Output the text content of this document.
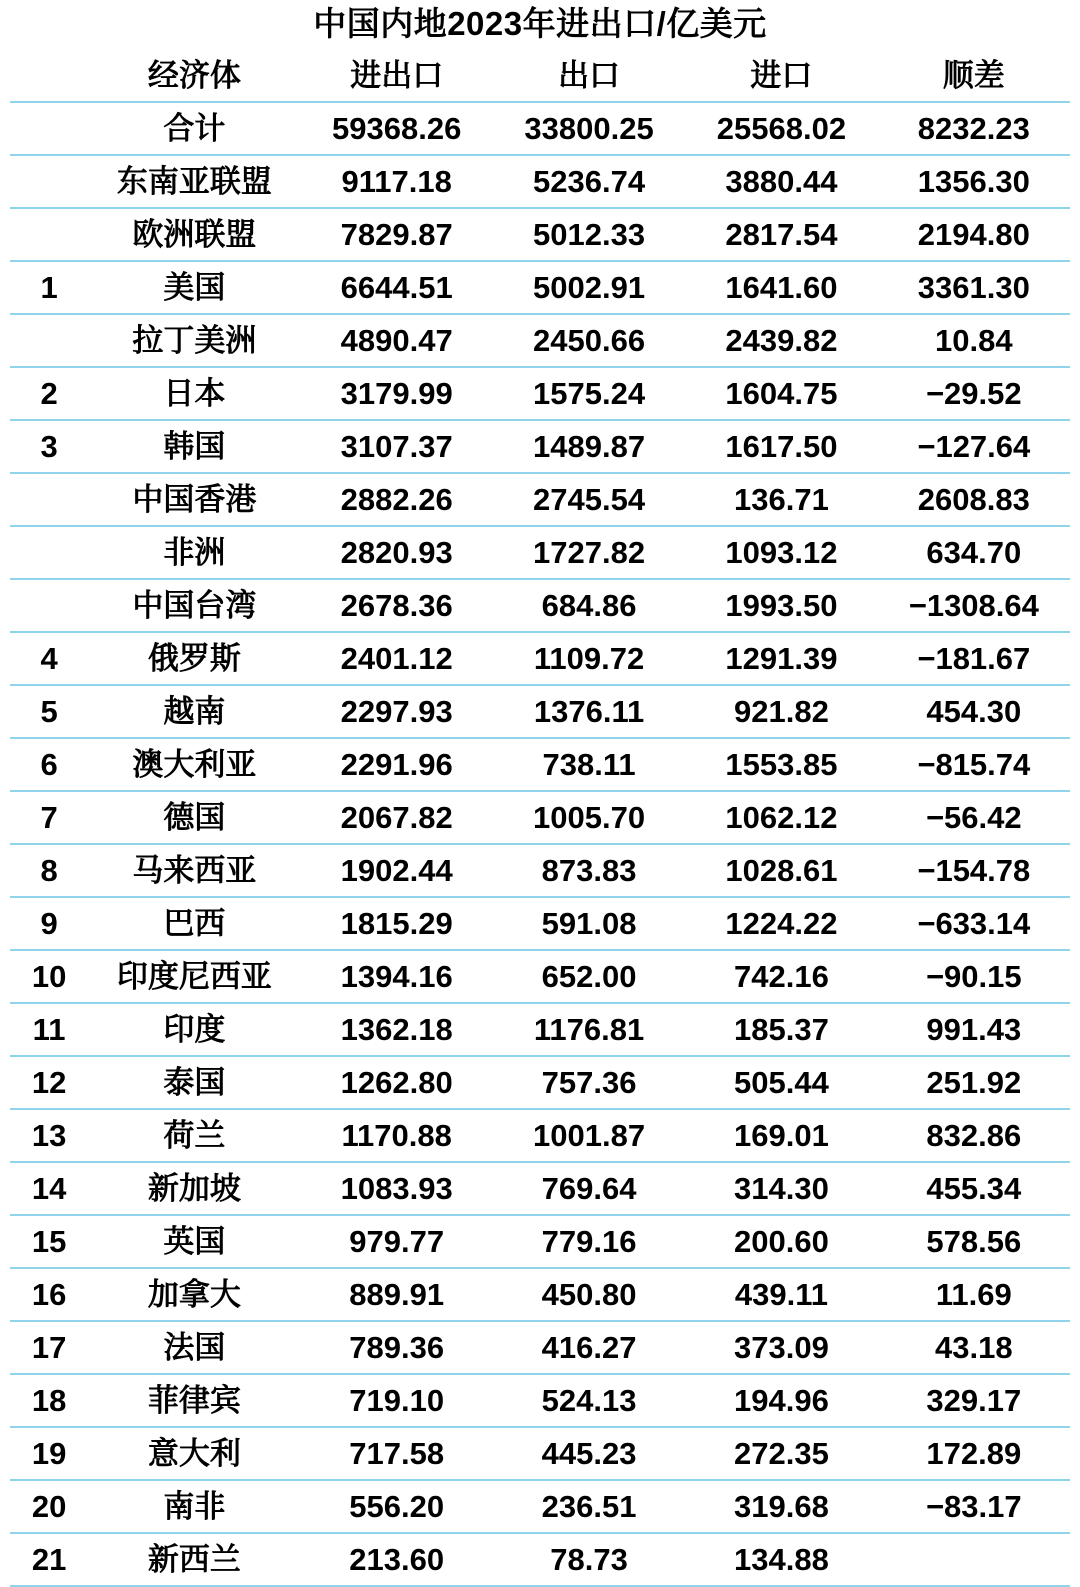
中国内地2023年进出口/亿美元
	经济体	进出口	出口	进口	顺差
	合计	59368.26	33800.25	25568.02	8232.23
	东南亚联盟	9117.18	5236.74	3880.44	1356.30
	欧洲联盟	7829.87	5012.33	2817.54	2194.80
1	美国	6644.51	5002.91	1641.60	3361.30
	拉丁美洲	4890.47	2450.66	2439.82	10.84
2	日本	3179.99	1575.24	1604.75	−29.52
3	韩国	3107.37	1489.87	1617.50	−127.64
	中国香港	2882.26	2745.54	136.71	2608.83
	非洲	2820.93	1727.82	1093.12	634.70
	中国台湾	2678.36	684.86	1993.50	−1308.64
4	俄罗斯	2401.12	1109.72	1291.39	−181.67
5	越南	2297.93	1376.11	921.82	454.30
6	澳大利亚	2291.96	738.11	1553.85	−815.74
7	德国	2067.82	1005.70	1062.12	−56.42
8	马来西亚	1902.44	873.83	1028.61	−154.78
9	巴西	1815.29	591.08	1224.22	−633.14
10	印度尼西亚	1394.16	652.00	742.16	−90.15
11	印度	1362.18	1176.81	185.37	991.43
12	泰国	1262.80	757.36	505.44	251.92
13	荷兰	1170.88	1001.87	169.01	832.86
14	新加坡	1083.93	769.64	314.30	455.34
15	英国	979.77	779.16	200.60	578.56
16	加拿大	889.91	450.80	439.11	11.69
17	法国	789.36	416.27	373.09	43.18
18	菲律宾	719.10	524.13	194.96	329.17
19	意大利	717.58	445.23	272.35	172.89
20	南非	556.20	236.51	319.68	−83.17
21	新西兰	213.60	78.73	134.88	
